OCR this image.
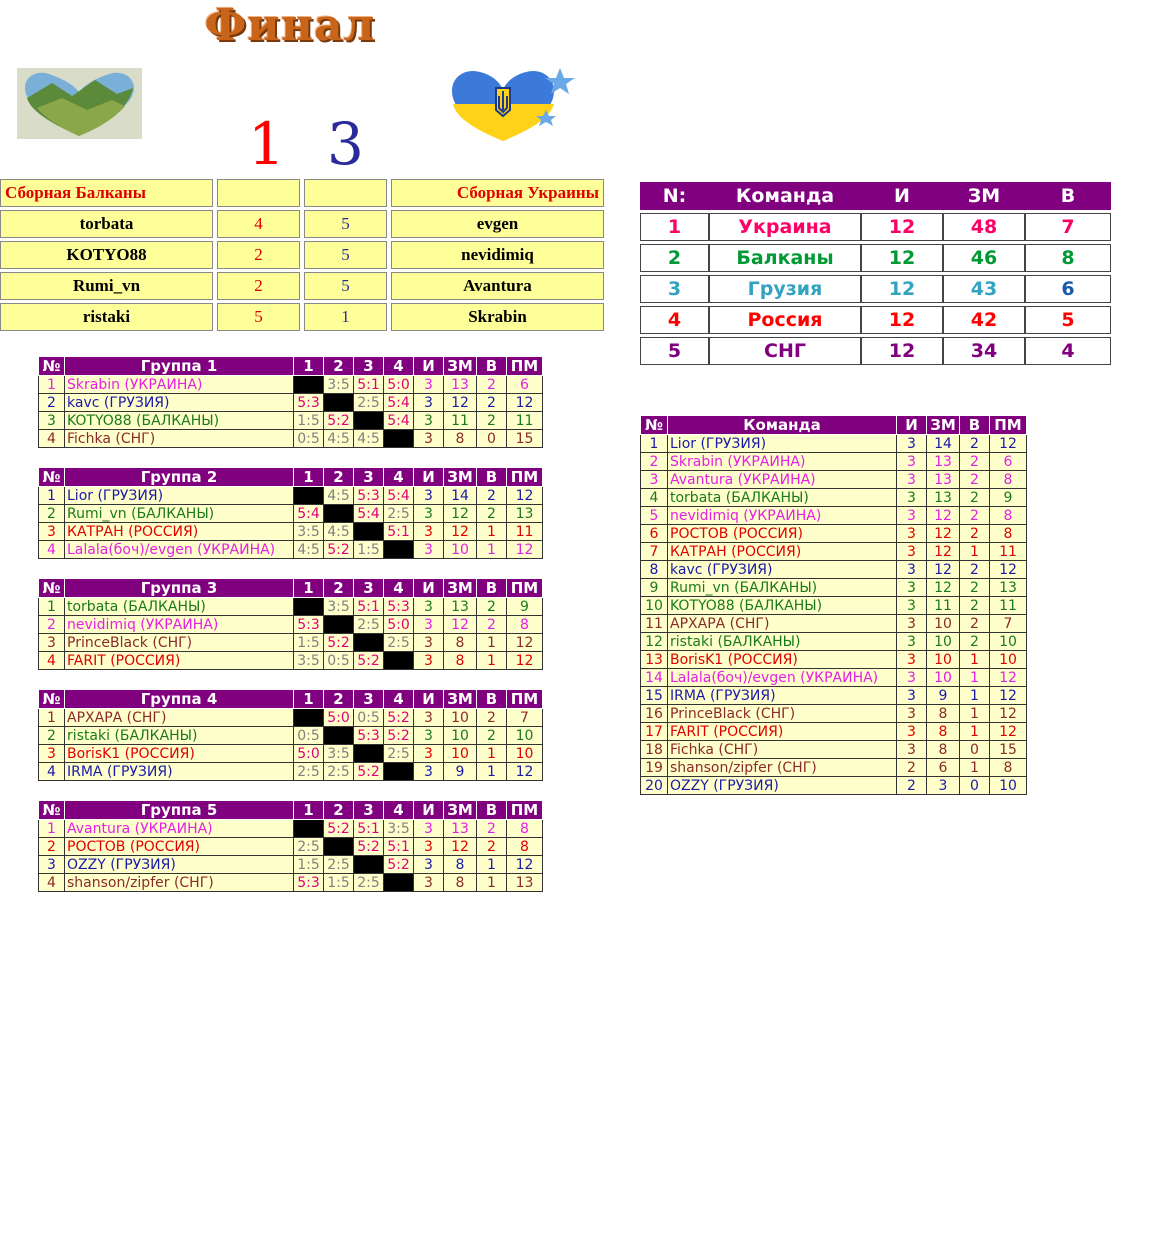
Финал
1 3
Сборная Балканы			Сборная Украины
torbata	4	5	evgen
KOTYO88	2	5	nevidimiq
Rumi_vn	2	5	Avantura
ristaki	5	1	Skrabin
N:	Команда	И	ЗМ	В
1	Украина	12	48	7
2	Балканы	12	46	8
3	Грузия	12	43	6
4	Россия	12	42	5
5	СНГ	12	34	4
№	Группа 1	1	2	3	4	И	ЗМ	В	ПМ
1	Skrabin (УКРАИНА)		3:5	5:1	5:0	3	13	2	6
2	kavc (ГРУЗИЯ)	5:3		2:5	5:4	3	12	2	12
3	KOTYO88 (БАЛКАНЫ)	1:5	5:2		5:4	3	11	2	11
4	Fichka (СНГ)	0:5	4:5	4:5		3	8	0	15
№	Группа 2	1	2	3	4	И	ЗМ	В	ПМ
1	Lior (ГРУЗИЯ)		4:5	5:3	5:4	3	14	2	12
2	Rumi_vn (БАЛКАНЫ)	5:4		5:4	2:5	3	12	2	13
3	КАТРАН (РОССИЯ)	3:5	4:5		5:1	3	12	1	11
4	Lalala(боч)/evgen (УКРАИНА)	4:5	5:2	1:5		3	10	1	12
№	Группа 3	1	2	3	4	И	ЗМ	В	ПМ
1	torbata (БАЛКАНЫ)		3:5	5:1	5:3	3	13	2	9
2	nevidimiq (УКРАИНА)	5:3		2:5	5:0	3	12	2	8
3	PrinceBlack (СНГ)	1:5	5:2		2:5	3	8	1	12
4	FARIT (РОССИЯ)	3:5	0:5	5:2		3	8	1	12
№	Группа 4	1	2	3	4	И	ЗМ	В	ПМ
1	АРХАРА (СНГ)		5:0	0:5	5:2	3	10	2	7
2	ristaki (БАЛКАНЫ)	0:5		5:3	5:2	3	10	2	10
3	BorisK1 (РОССИЯ)	5:0	3:5		2:5	3	10	1	10
4	IRMA (ГРУЗИЯ)	2:5	2:5	5:2		3	9	1	12
№	Группа 5	1	2	3	4	И	ЗМ	В	ПМ
1	Avantura (УКРАИНА)		5:2	5:1	3:5	3	13	2	8
2	РОСТОВ (РОССИЯ)	2:5		5:2	5:1	3	12	2	8
3	OZZY (ГРУЗИЯ)	1:5	2:5		5:2	3	8	1	12
4	shanson/zipfer (СНГ)	5:3	1:5	2:5		3	8	1	13
№	Команда	И	ЗМ	В	ПМ
1	Lior (ГРУЗИЯ)	3	14	2	12
2	Skrabin (УКРАИНА)	3	13	2	6
3	Avantura (УКРАИНА)	3	13	2	8
4	torbata (БАЛКАНЫ)	3	13	2	9
5	nevidimiq (УКРАИНА)	3	12	2	8
6	РОСТОВ (РОССИЯ)	3	12	2	8
7	КАТРАН (РОССИЯ)	3	12	1	11
8	kavc (ГРУЗИЯ)	3	12	2	12
9	Rumi_vn (БАЛКАНЫ)	3	12	2	13
10	KOTYO88 (БАЛКАНЫ)	3	11	2	11
11	АРХАРА (СНГ)	3	10	2	7
12	ristaki (БАЛКАНЫ)	3	10	2	10
13	BorisK1 (РОССИЯ)	3	10	1	10
14	Lalala(боч)/evgen (УКРАИНА)	3	10	1	12
15	IRMA (ГРУЗИЯ)	3	9	1	12
16	PrinceBlack (СНГ)	3	8	1	12
17	FARIT (РОССИЯ)	3	8	1	12
18	Fichka (СНГ)	3	8	0	15
19	shanson/zipfer (СНГ)	2	6	1	8
20	OZZY (ГРУЗИЯ)	2	3	0	10
